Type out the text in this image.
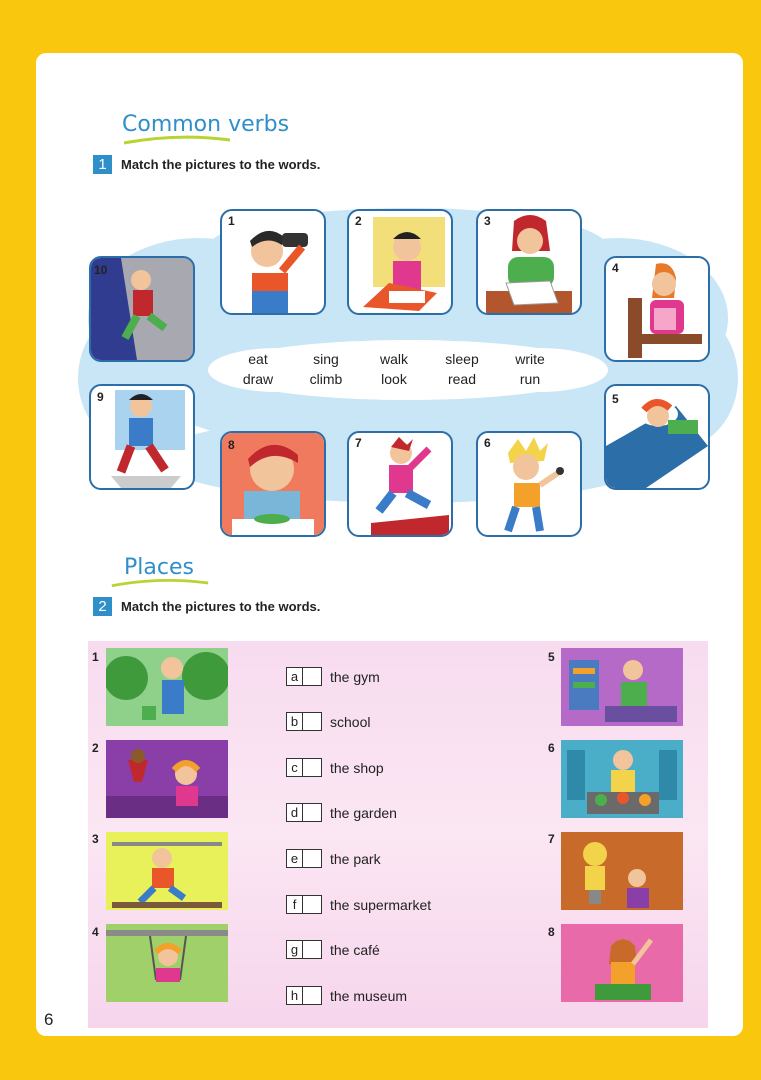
Common verbs
1	Match the pictures to the words.
1	2	3
4
5
6
7
8
9
10
eat	sing	walk	sleep	write
draw	climb	look	read	run
Places
2	Match the pictures to the words.
1
2
3
4
a	the gym
b	school
c	the shop
d	the garden
e	the park
f	the supermarket
g	the café
h	the museum
5
6
7
8
6
